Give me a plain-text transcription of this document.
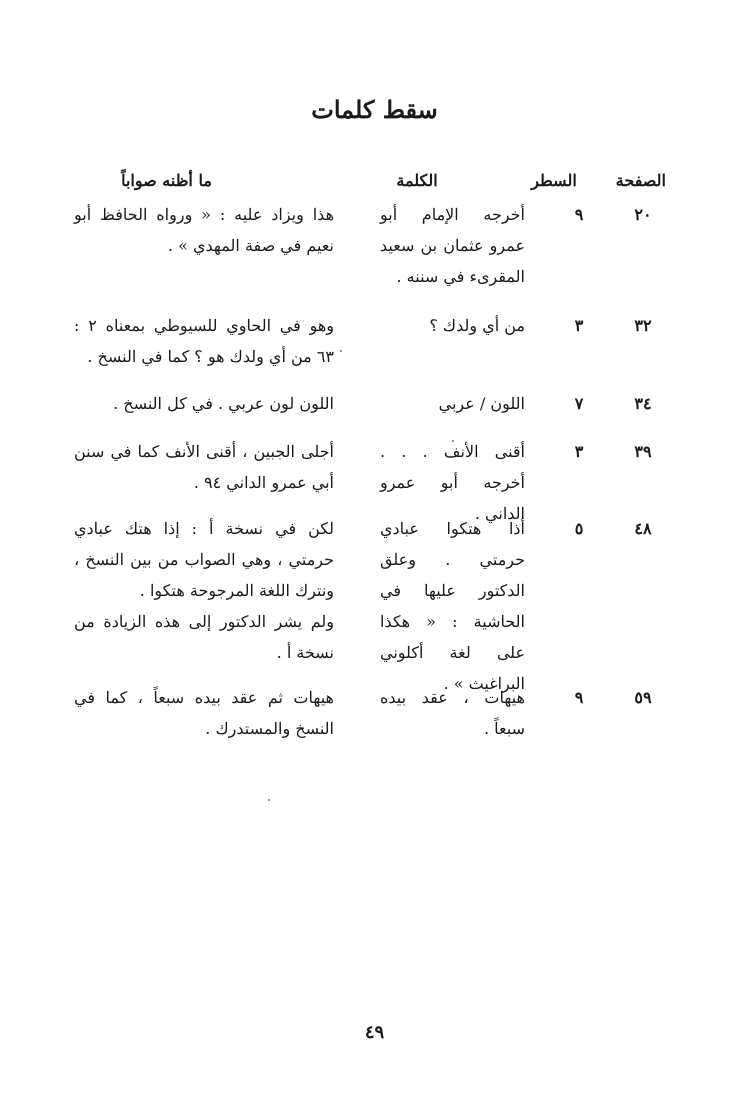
سقط كلمات
الصفحة
السطر
الكلمة
ما أظنه صواباً
٢٠
٩
أخرجه الإمام أبو عمرو عثمان بن سعيد المقرىء في سننه .
هذا ويزاد عليه : « ورواه الحافظ أبو نعيم في صفة المهدي » .
٣٢
٣
من أي ولدك ؟
وهو في الحاوي للسيوطي بمعناه ٢ : ٦٣ من أي ولدك هو ؟ كما في النسخ .
٣٤
٧
اللون / عربي
اللون لون عربي . في كل النسخ .
٣٩
٣
أقنى الأنف . . . أخرجه أبو عمرو الداني .
أجلى الجبين ، أقنى الأنف كما في سنن أبي عمرو الداني ٩٤ .
٤٨
٥
أذا هتكوا عبادي حرمتي . وعلق الدكتور عليها في الحاشية : « هكذا على لغة أكلوني البراغيث » .
لكن في نسخة أ : إذا هتك عبادي حرمتي ، وهي الصواب من بين النسخ ، ونترك اللغة المرجوحة هتكوا .
ولم يشر الدكتور إلى هذه الزيادة من نسخة أ .
٥٩
٩
هيهات ، عقد بيده سبعاً .
هيهات ثم عقد بيده سبعاً ، كما في النسخ والمستدرك .
٤٩
